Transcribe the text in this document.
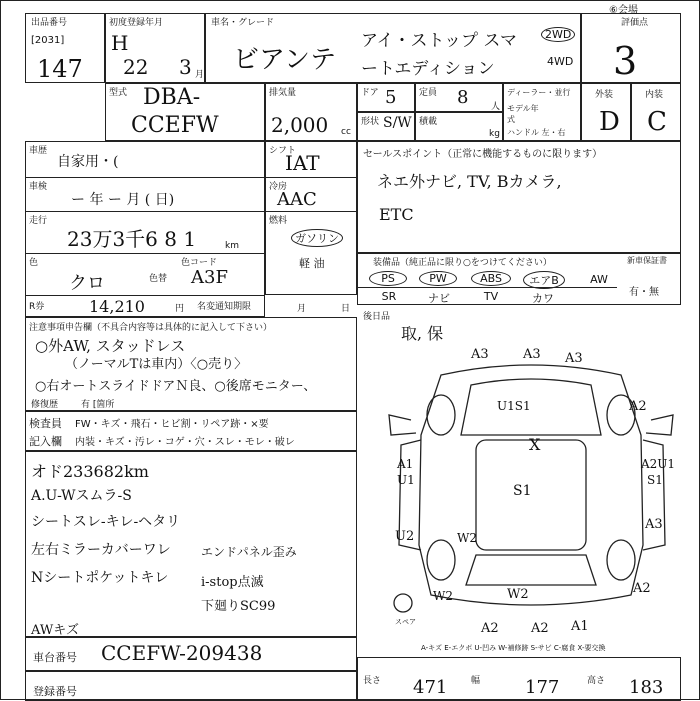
出品番号
[2031]
147
初度登録年月
H
22 3 月
車名・グレード
ビアンテ
アイ・ストップ スマートエディション
2WD
4WD
評価点
3
⑥会場
型式 DBA-
CCEFW
排気量
2,000 cc
ドア 5	定員 8	人
形状 S/W 積載
kg
ディーラー・並行
モデル年式
ハンドル 左・右
外装
D
内装
C
車歴
自家用・(
車検
ー 年 ー 月 ( 日)
走行
23万3千6 8 1	km
色
クロ	色替
色コード
A3F
R券	14,210	円 名変通知期限	月	日
シフト
IAT
冷房
AAC
燃料
ガソリン
軽 油
セールスポイント（正常に機能するものに限ります）
ネエ外ナビ, TV, Bカメラ,
ETC
装備品（純正品に限り○をつけてください）	新車保証書
有・無
PS	PW	ABS	エアB	AW
SR	ナビ	TV	カワ
後日品
取, 保
注意事項申告欄（不具合内容等は具体的に記入して下さい）
○外AW, スタッドレス
（ノーマルTは車内）〈○売り〉
○右オートスライドドアＮ良、○後席モニター、
修復歴	有 [箇所
検査員
記入欄
FW・キズ・飛石・ヒビ割・リペア跡・×要
内装・キズ・汚レ・コゲ・穴・スレ・モレ・破レ
オド233682km
A.U-Wスムラ-S
シートスレ-キレ-ヘタリ
左右ミラーカバーワレ
Nシートポケットキレ
エンドパネル歪み
i-stop点滅
下廻りSC99
AWキズ
車台番号 CCEFW-209438
登録番号
A3	A3 A3
U1S1	A2
X
A1
U1
A2U1
S1
S1
U2	W2
A3
W2	A2
W2
A2 A2 A1
スペア
A-キズ E-エクボ U-凹み W-補修跡 S-サビ C-腐食 X-要交換
長さ 471	幅 177	高さ 183
